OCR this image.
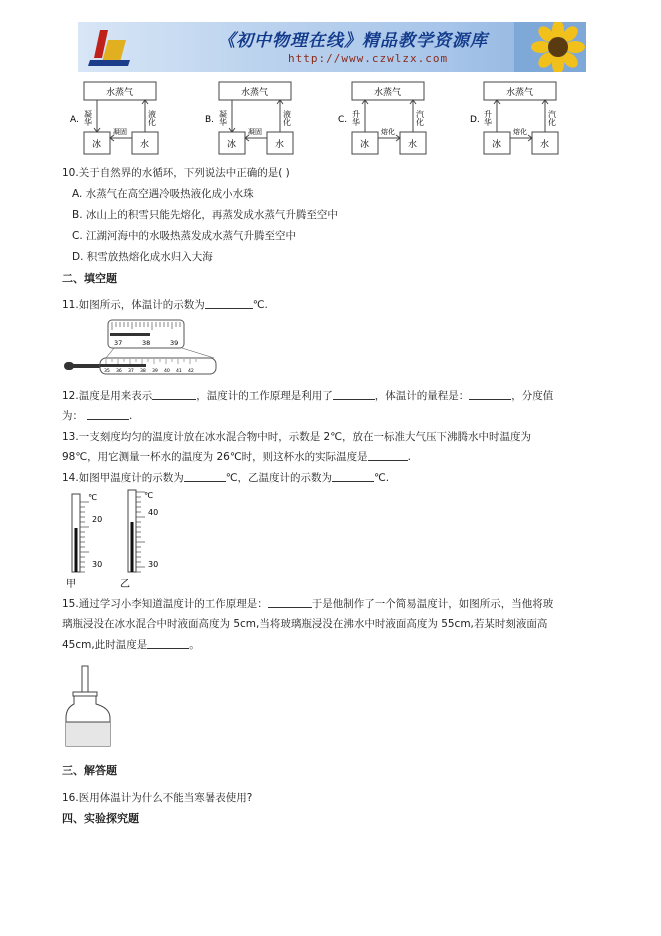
《初中物理在线》精品教学资源库
http://www.czwlzx.com
A.
水蒸气
冰	水
凝华	液化
凝固
B.
水蒸气
冰	水
凝华	液化
凝固
C.
水蒸气
冰	水
升华	汽化
熔化
D.
水蒸气
冰	水
升华	汽化
熔化
10.关于自然界的水循环，下列说法中正确的是( )
A. 水蒸气在高空遇冷吸热液化成小水珠
B. 冰山上的积雪只能先熔化，再蒸发成水蒸气升腾至空中
C. 江湖河海中的水吸热蒸发成水蒸气升腾至空中
D. 积雪放热熔化成水归入大海
二、填空题
11.如图所示，体温计的示数为	℃.
37	38	39
35 36 37 38 39 40 41 42
12.温度是用来表示	，温度计的工作原理是利用了	，体温计的量程是：	，分度值
为：	.
13.一支刻度均匀的温度计放在冰水混合物中时，示数是 2℃，放在一标准大气压下沸腾水中时温度为
98℃，用它测量一杯水的温度为 26℃时，则这杯水的实际温度是	.
14.如图甲温度计的示数为	℃，乙温度计的示数为	℃.
℃
20
30
甲
℃
40
30
乙
15.通过学习小李知道温度计的工作原理是：	于是他制作了一个简易温度计，如图所示，当他将玻
璃瓶浸没在冰水混合中时液面高度为 5cm,当将玻璃瓶浸没在沸水中时液面高度为 55cm,若某时刻液面高
45cm,此时温度是	。
三、解答题
16.医用体温计为什么不能当寒暑表使用?
四、实验探究题
